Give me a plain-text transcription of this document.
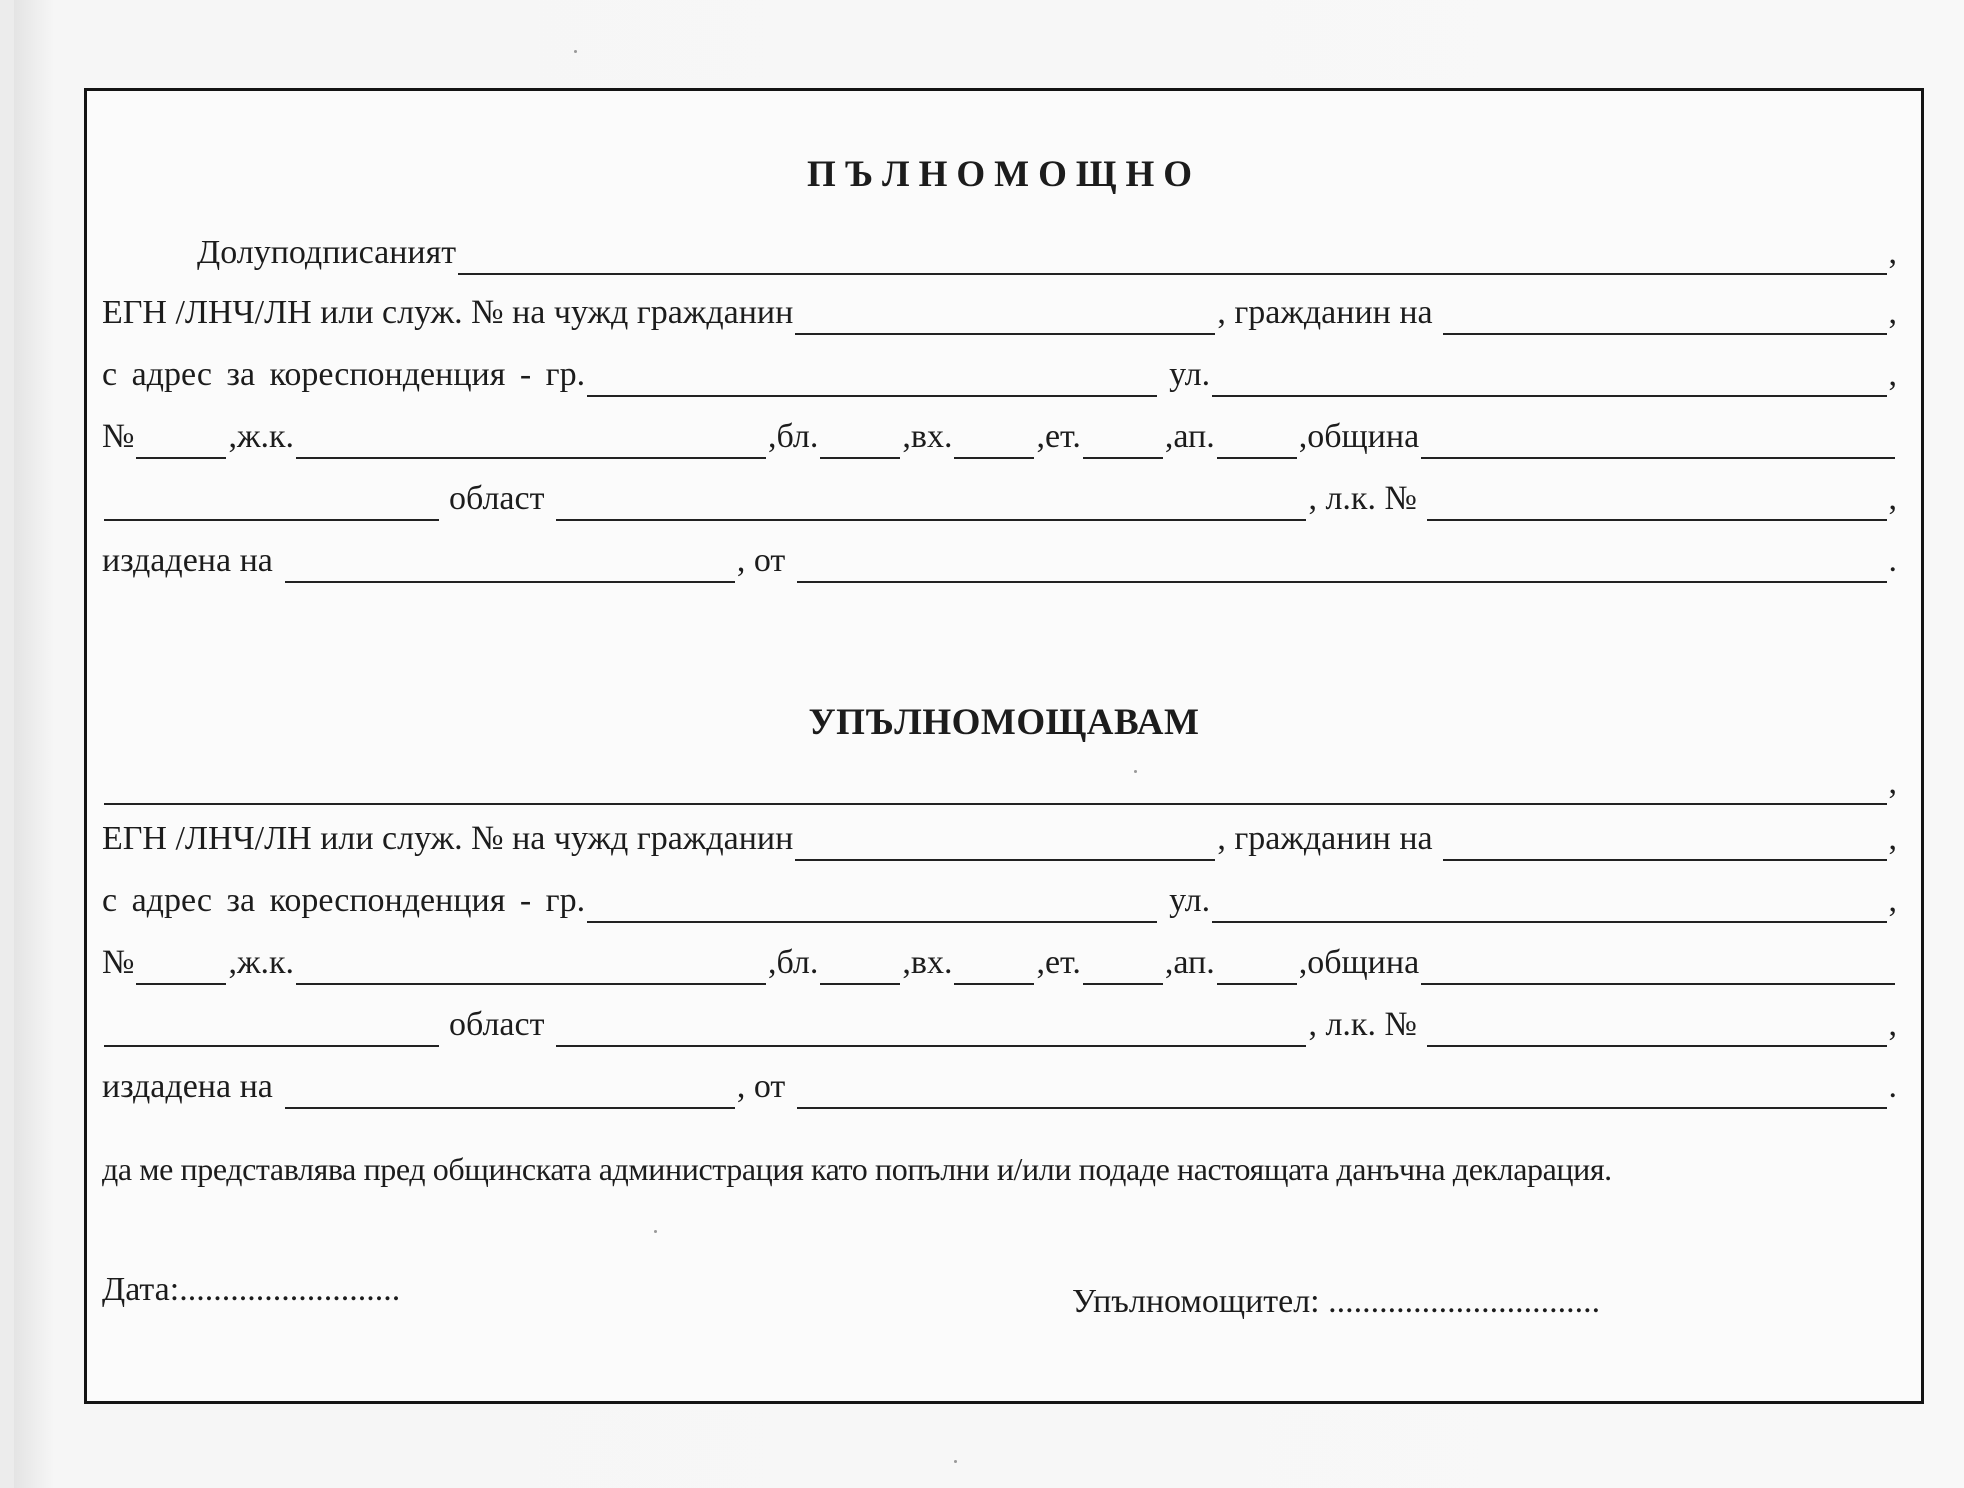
ПЪЛНОМОЩНО
Долуподписаният	,
ЕГН /ЛНЧ/ЛН или служ. № на чужд гражданин	, гражданин на	,
с адрес за кореспонденция - гр.	ул.	,
№	,ж.к.	,бл. ,вх. ,ет. ,ап. ,община
област	, л.к. №	,
издадена на	, от	.
УПЪЛНОМОЩАВАМ
,
ЕГН /ЛНЧ/ЛН или служ. № на чужд гражданин	, гражданин на	,
с адрес за кореспонденция - гр.	ул.	,
№	,ж.к.	,бл. ,вх. ,ет. ,ап. ,община
област	, л.к. №	,
издадена на	, от	.
да ме представлява пред общинската администрация като попълни и/или подаде настоящата данъчна декларация.
Дата:..........................	Упълномощител: ................................
